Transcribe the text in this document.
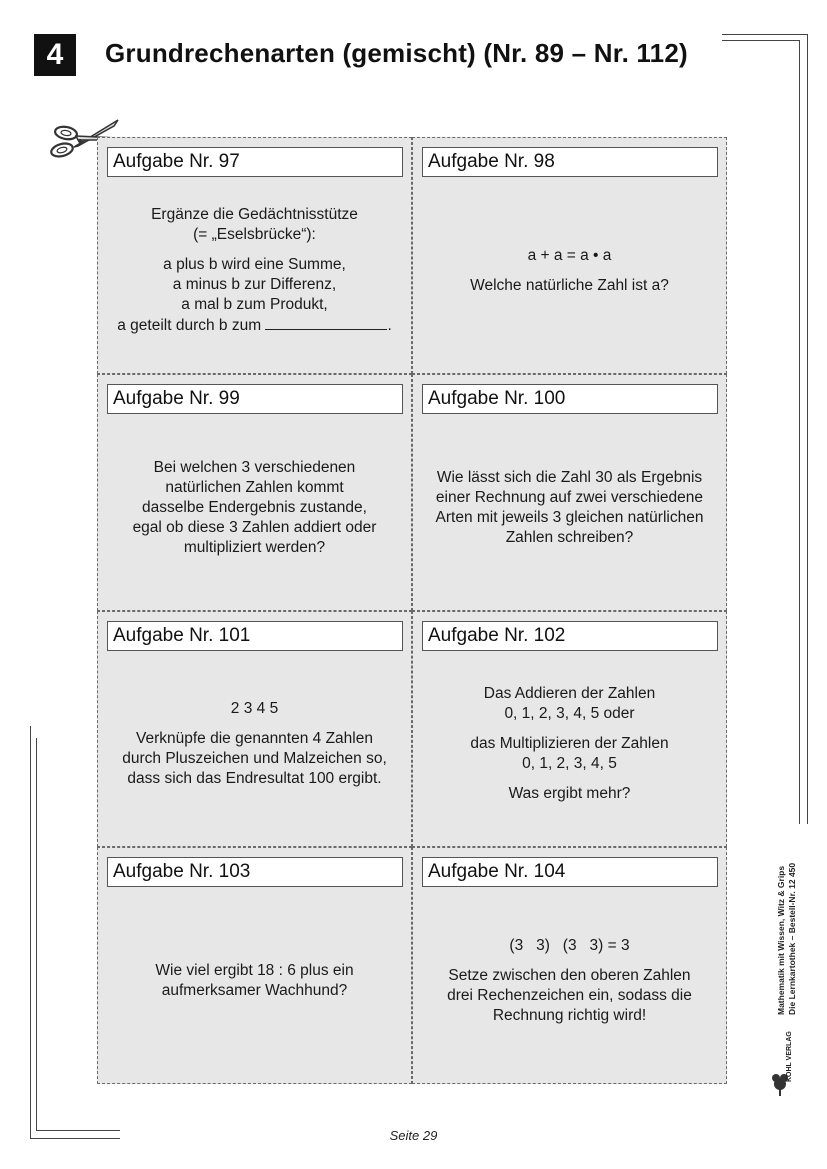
4 Grundrechenarten (gemischt) (Nr. 89 – Nr. 112)
Aufgabe Nr. 97

Ergänze die Gedächtnisstütze
(= „Eselsbrücke“):

a plus b wird eine Summe,
a minus b zur Differenz,
a mal b zum Produkt,
a geteilt durch b zum	.

Aufgabe Nr. 98

a + a = a • a

Welche natürliche Zahl ist a?

Aufgabe Nr. 99

Bei welchen 3 verschiedenen
natürlichen Zahlen kommt
dasselbe Endergebnis zustande,
egal ob diese 3 Zahlen addiert oder
multipliziert werden?

Aufgabe Nr. 100

Wie lässt sich die Zahl 30 als Ergebnis
einer Rechnung auf zwei verschiedene
Arten mit jeweils 3 gleichen natürlichen
Zahlen schreiben?

Aufgabe Nr. 101

2 3 4 5

Verknüpfe die genannten 4 Zahlen
durch Pluszeichen und Malzeichen so,
dass sich das Endresultat 100 ergibt.

Aufgabe Nr. 102

Das Addieren der Zahlen
0, 1, 2, 3, 4, 5 oder

das Multiplizieren der Zahlen
0, 1, 2, 3, 4, 5

Was ergibt mehr?

Aufgabe Nr. 103

Wie viel ergibt 18 : 6 plus ein
aufmerksamer Wachhund?

Aufgabe Nr. 104

(3   3)   (3   3) = 3

Setze zwischen den oberen Zahlen
drei Rechenzeichen ein, sodass die
Rechnung richtig wird!

Mathematik mit Wissen, Witz & Grips Die Lernkartothek – Bestell-Nr. 12 450
KOHL VERLAG
Seite 29
